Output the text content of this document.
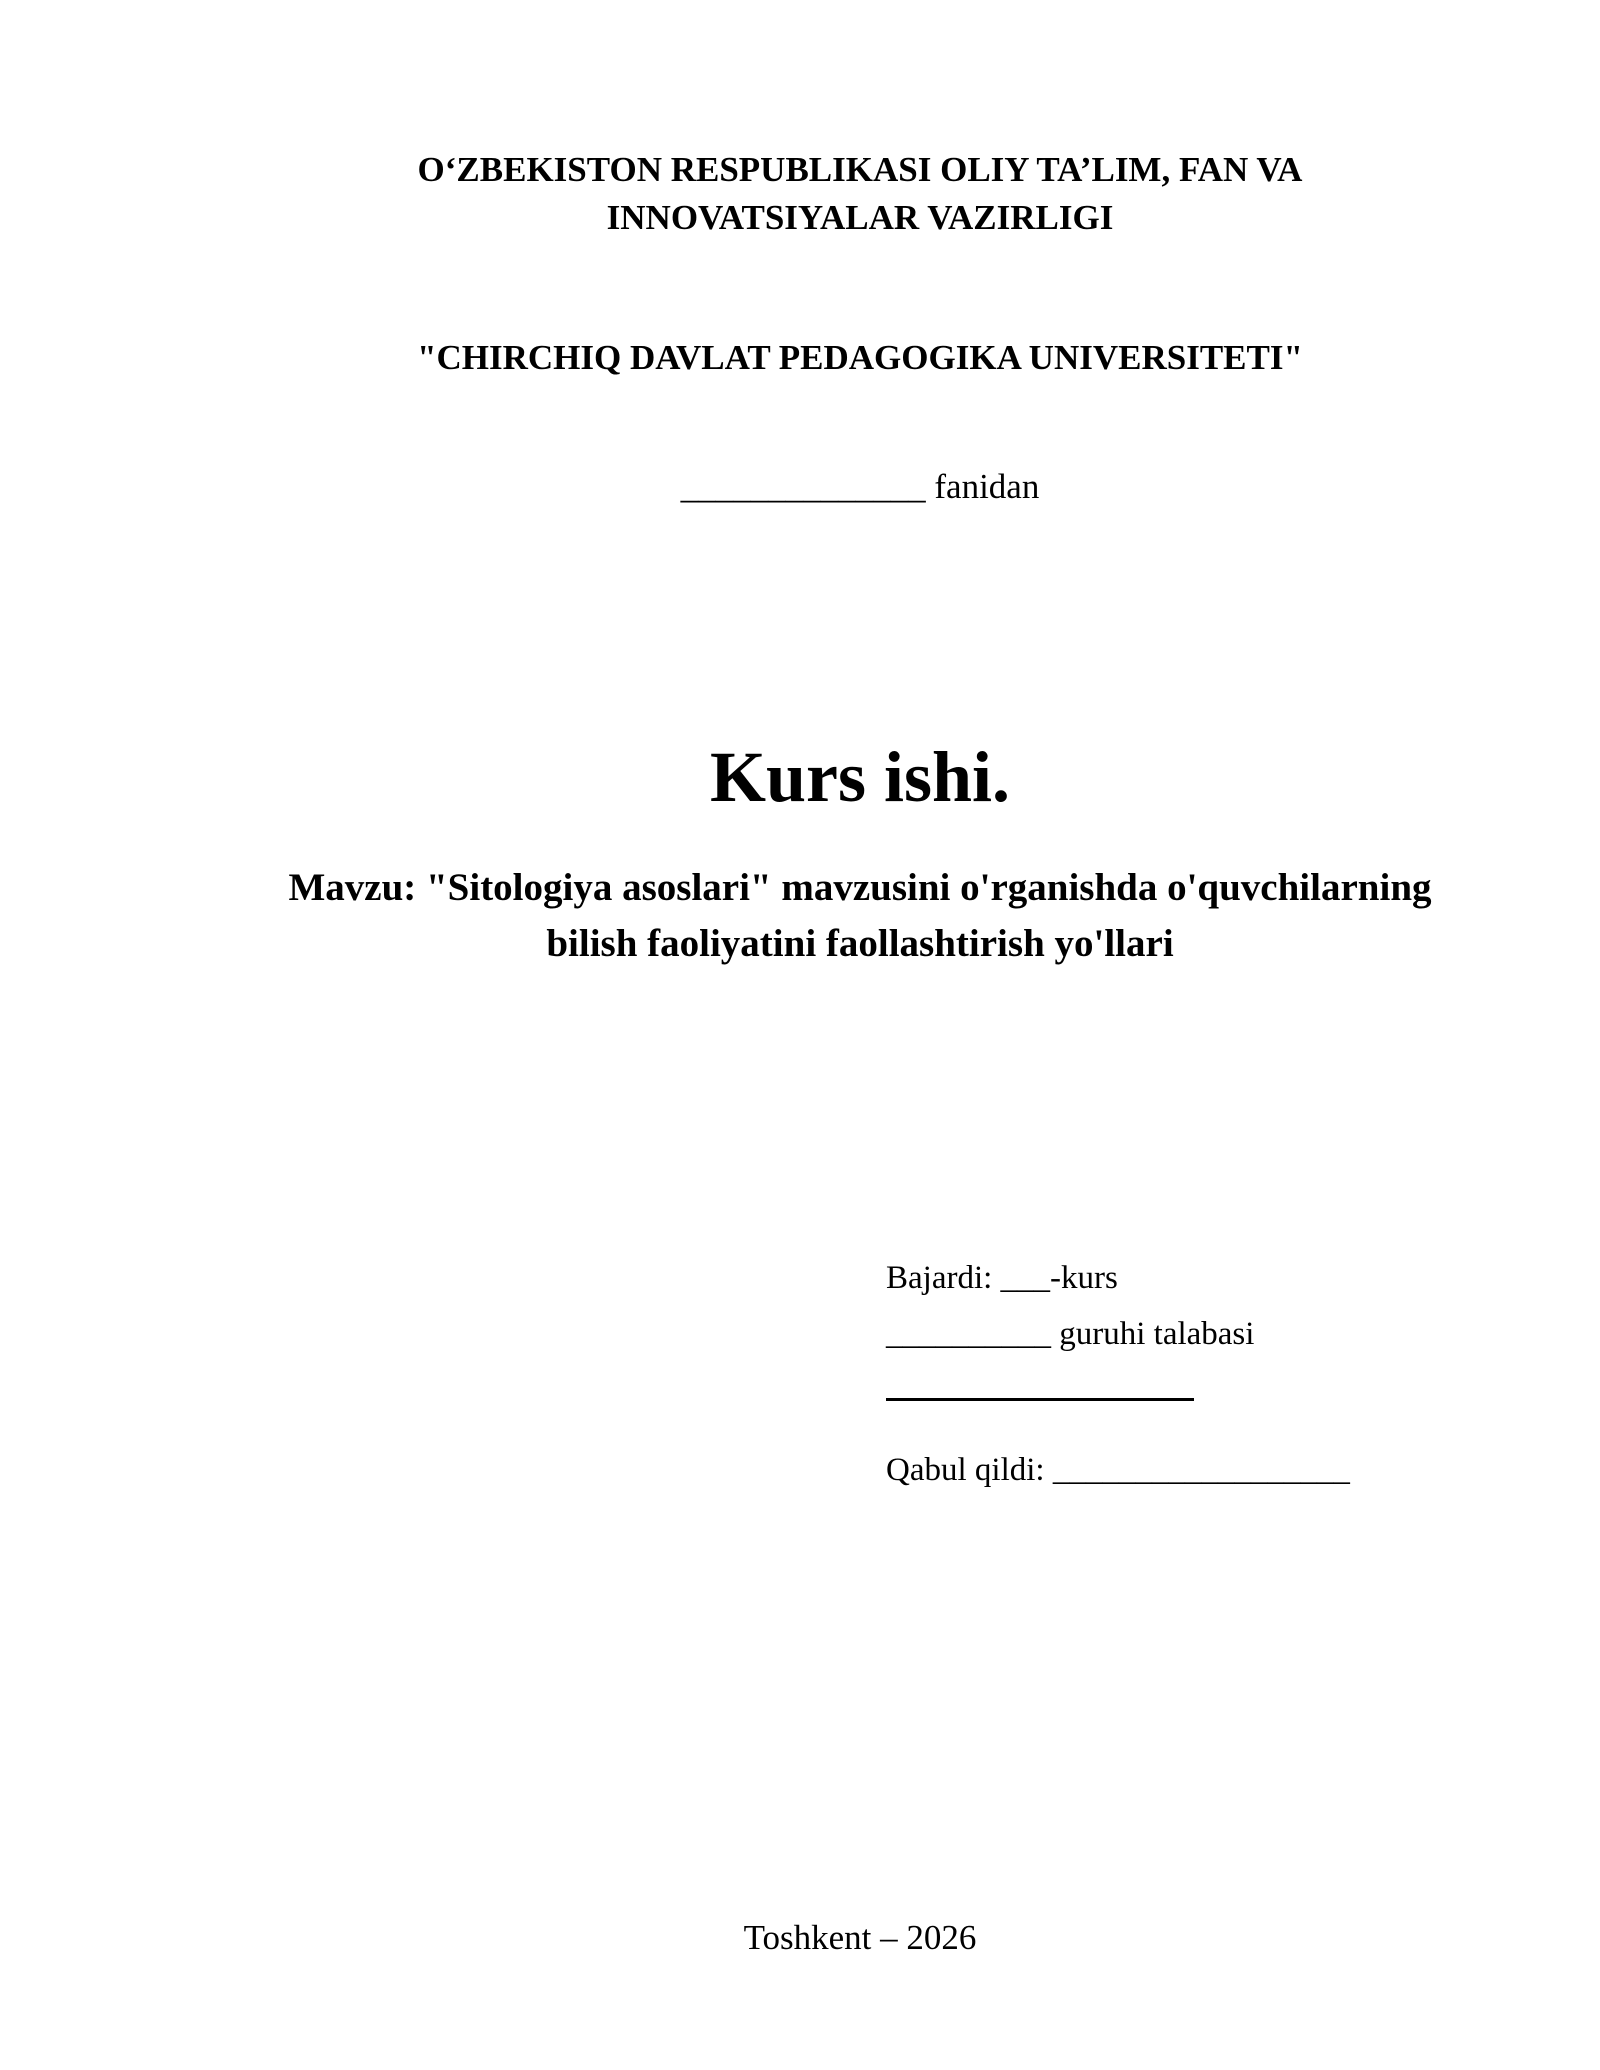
O‘ZBEKISTON RESPUBLIKASI OLIY TA’LIM, FAN VA
INNOVATSIYALAR VAZIRLIGI
"CHIRCHIQ DAVLAT PEDAGOGIKA UNIVERSITETI"
______________ fanidan
Kurs ishi.
Mavzu: "Sitologiya asoslari" mavzusini o'rganishda o'quvchilarning
bilish faoliyatini faollashtirish yo'llari
Bajardi: ___-kurs
__________ guruhi talabasi
Qabul qildi: __________________
Toshkent – 2026
